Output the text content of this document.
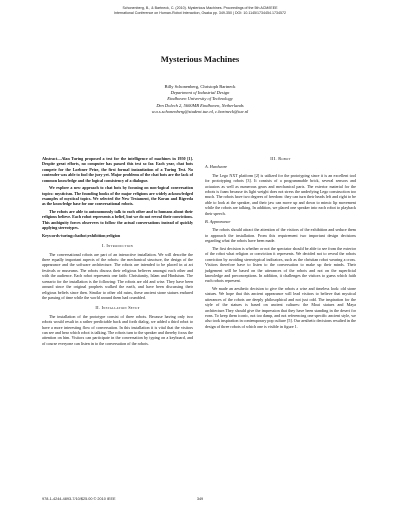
Schonenberg, B., & Bartneck, C. (2010). Mysterious Machines. Proceedings of the 5th ACM/IEEE
International Conference on Human-Robot Interaction, Osaka pp. 349-350 | DOI: 10.1145/1734454.1734572
Mysterious Machines
Billy Schonenberg, Christoph Bartneck
Department of Industrial Design
Eindhoven University of Technology
Den Dolech 2, 5600MB Eindhoven, Netherlands
w.a.s.schonenberg@student.tue.nl, c.bartneck@tue.nl

Abstract—Alan Turing proposed a test for the intelligence of machines in 1950 [1]. Despite great efforts, no computer has passed this test so far. Each year, chat bots compete for the Loebner Prize, the first formal instantiation of a Turing Test. No contender was able to fool the jury yet. Major problems of the chat bots are the lack of common knowledge and the logical consistency of a dialogue.

We explore a new approach to chat bots by focusing on non-logical conversation topics: mysticism. The founding books of the major religions are widely acknowledged examples of mystical topics. We selected the New Testament, the Koran and Rigveda as the knowledge base for our conversational robots.

The robots are able to autonomously talk to each other and to humans about their religious believe. Each robot represents a belief, but we do not reveal their convictions. This ambiguity forces observers to follow the actual conversations instead of quickly applying stereotypes.

Keywords-turing;chatbot;exhibition;religion

I. Introduction

The conversational robots are part of an interactive installation. We will describe the three equally important aspects of the robots: the mechanical structure, the design of the appearance and the software architecture. The robots are intended to be placed in at art festivals or museums. The robots discuss their religious believes amongst each other and with the audience. Each robot represents one faith: Christianity, Islam and Hinduism. The scenario for the installation is the following: The robots are old and wise. They have been around since the original prophets walked the earth, and have been discussing their religious beliefs since then. Similar to other old ruins, these ancient stone statues endured the passing of time while the world around them had crumbled.

II. Installation Setup

The installation of the prototype consist of three robots. Because having only two robots would result in a rather predictable back and forth dialog, we added a third robot to have a more interesting flow of conversation. In this installation it is vital that the visitors can see and hear which robot is talking. The robots turn to the speaker and thereby focus the attention on him. Visitors can participate in the conversation by typing on a keyboard, and of course everyone can listen in to the conversation of the robots.

III. Robot
A. Hardware

The Lego NXT platform [2] is utilized for the prototyping since it is an excellent tool for prototyping robots [3]. It consists of a programmable brick, several sensors and actuators as well as numerous gears and mechanical parts. The exterior material for the robots is foam because its light weight does not stress the underlying Lego construction too much. The robots have two degrees of freedom: they can turn their heads left and right to be able to look at the speaker, and their jaw can move up and down to mimic lip movement while the robots are talking. In addition, we placed one speaker into each robot to playback their speech.

B. Appearance

The robots should attract the attention of the visitors of the exhibition and seduce them to approach the installation. From this requirement two important design decisions regarding what the robots have been made.

The first decision is whether or not the spectator should be able to see from the exterior of the robot what religion or conviction it represents. We decided not to reveal the robots conviction by avoiding stereotypical indicators, such as the christian robot wearing a cross. Visitors therefore have to listen to the conversation to make up their minds. Their judgement will be based on the utterances of the robots and not on the superficial knowledge and preconceptions. In addition, it challenges the visitors to guess which faith each robots represent.

We made an aesthetic decision to give the robots a wise and timeless look: old stone statues. We hope that this ancient appearance will lead visitors to believe that mystical utterances of the robots are deeply philosophical and not just odd. The inspiration for the style of the statues is based on ancient cultures: the Moai statues and Maya architecture.They should give the impression that they have been standing in the desert for eons. To keep them iconic, not too damp, and not referencing one specific ancient style, we also took inspiration in contemporary pop culture [5]. Our aesthetic decisions resulted in the design of three robots of which one is visible in figure 1.

978-1-4244-4893-7/10/$25.00 © 2010 IEEE	349
